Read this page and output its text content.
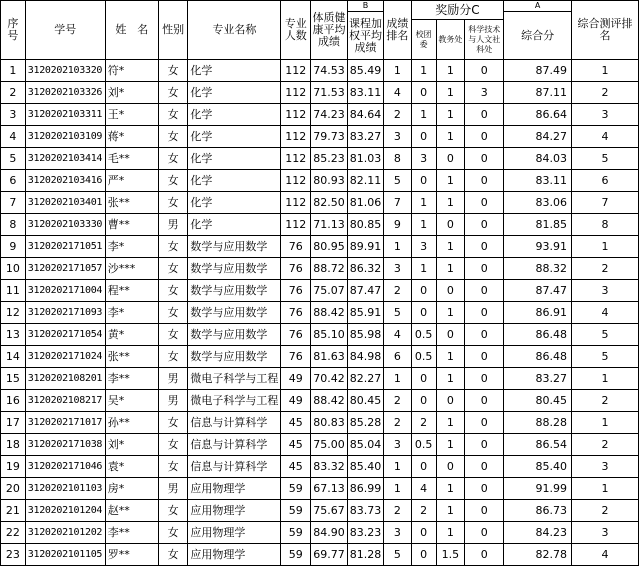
序号	学号	姓　名	性别	专业名称	专业人数	体质健康平均成绩	B	成绩排名	奖励分C			A	综合测评排名
							课程加权平均成绩					综合分	
									校团委	教务处	科学技术与人文社科处		
1	3120202103320	符*	女	化学	112	74.53	85.49	1	1	1	0	87.49	1
2	3120202103326	刘*	女	化学	112	71.53	83.11	4	0	1	3	87.11	2
3	3120202103311	王*	女	化学	112	74.23	84.64	2	1	1	0	86.64	3
4	3120202103109	蒋*	女	化学	112	79.73	83.27	3	0	1	0	84.27	4
5	3120202103414	毛**	女	化学	112	85.23	81.03	8	3	0	0	84.03	5
6	3120202103416	严*	女	化学	112	80.93	82.11	5	0	1	0	83.11	6
7	3120202103401	张**	女	化学	112	82.50	81.06	7	1	1	0	83.06	7
8	3120202103330	曹**	男	化学	112	71.13	80.85	9	1	0	0	81.85	8
9	3120202171051	李*	女	数学与应用数学	76	80.95	89.91	1	3	1	0	93.91	1
10	3120202171057	沙***	女	数学与应用数学	76	88.72	86.32	3	1	1	0	88.32	2
11	3120202171004	程**	女	数学与应用数学	76	75.07	87.47	2	0	0	0	87.47	3
12	3120202171093	李*	女	数学与应用数学	76	88.42	85.91	5	0	1	0	86.91	4
13	3120202171054	黄*	女	数学与应用数学	76	85.10	85.98	4	0.5	0	0	86.48	5
14	3120202171024	张**	女	数学与应用数学	76	81.63	84.98	6	0.5	1	0	86.48	5
15	3120202108201	李**	男	微电子科学与工程	49	70.42	82.27	1	0	1	0	83.27	1
16	3120202108217	吴*	男	微电子科学与工程	49	88.42	80.45	2	0	0	0	80.45	2
17	3120202171017	孙**	女	信息与计算科学	45	80.83	85.28	2	2	1	0	88.28	1
18	3120202171038	刘*	女	信息与计算科学	45	75.00	85.04	3	0.5	1	0	86.54	2
19	3120202171046	袁*	女	信息与计算科学	45	83.32	85.40	1	0	0	0	85.40	3
20	3120202101103	房*	男	应用物理学	59	67.13	86.99	1	4	1	0	91.99	1
21	3120202101204	赵**	女	应用物理学	59	75.67	83.73	2	2	1	0	86.73	2
22	3120202101202	李**	女	应用物理学	59	84.90	83.23	3	0	1	0	84.23	3
23	3120202101105	罗**	女	应用物理学	59	69.77	81.28	5	0	1.5	0	82.78	4
